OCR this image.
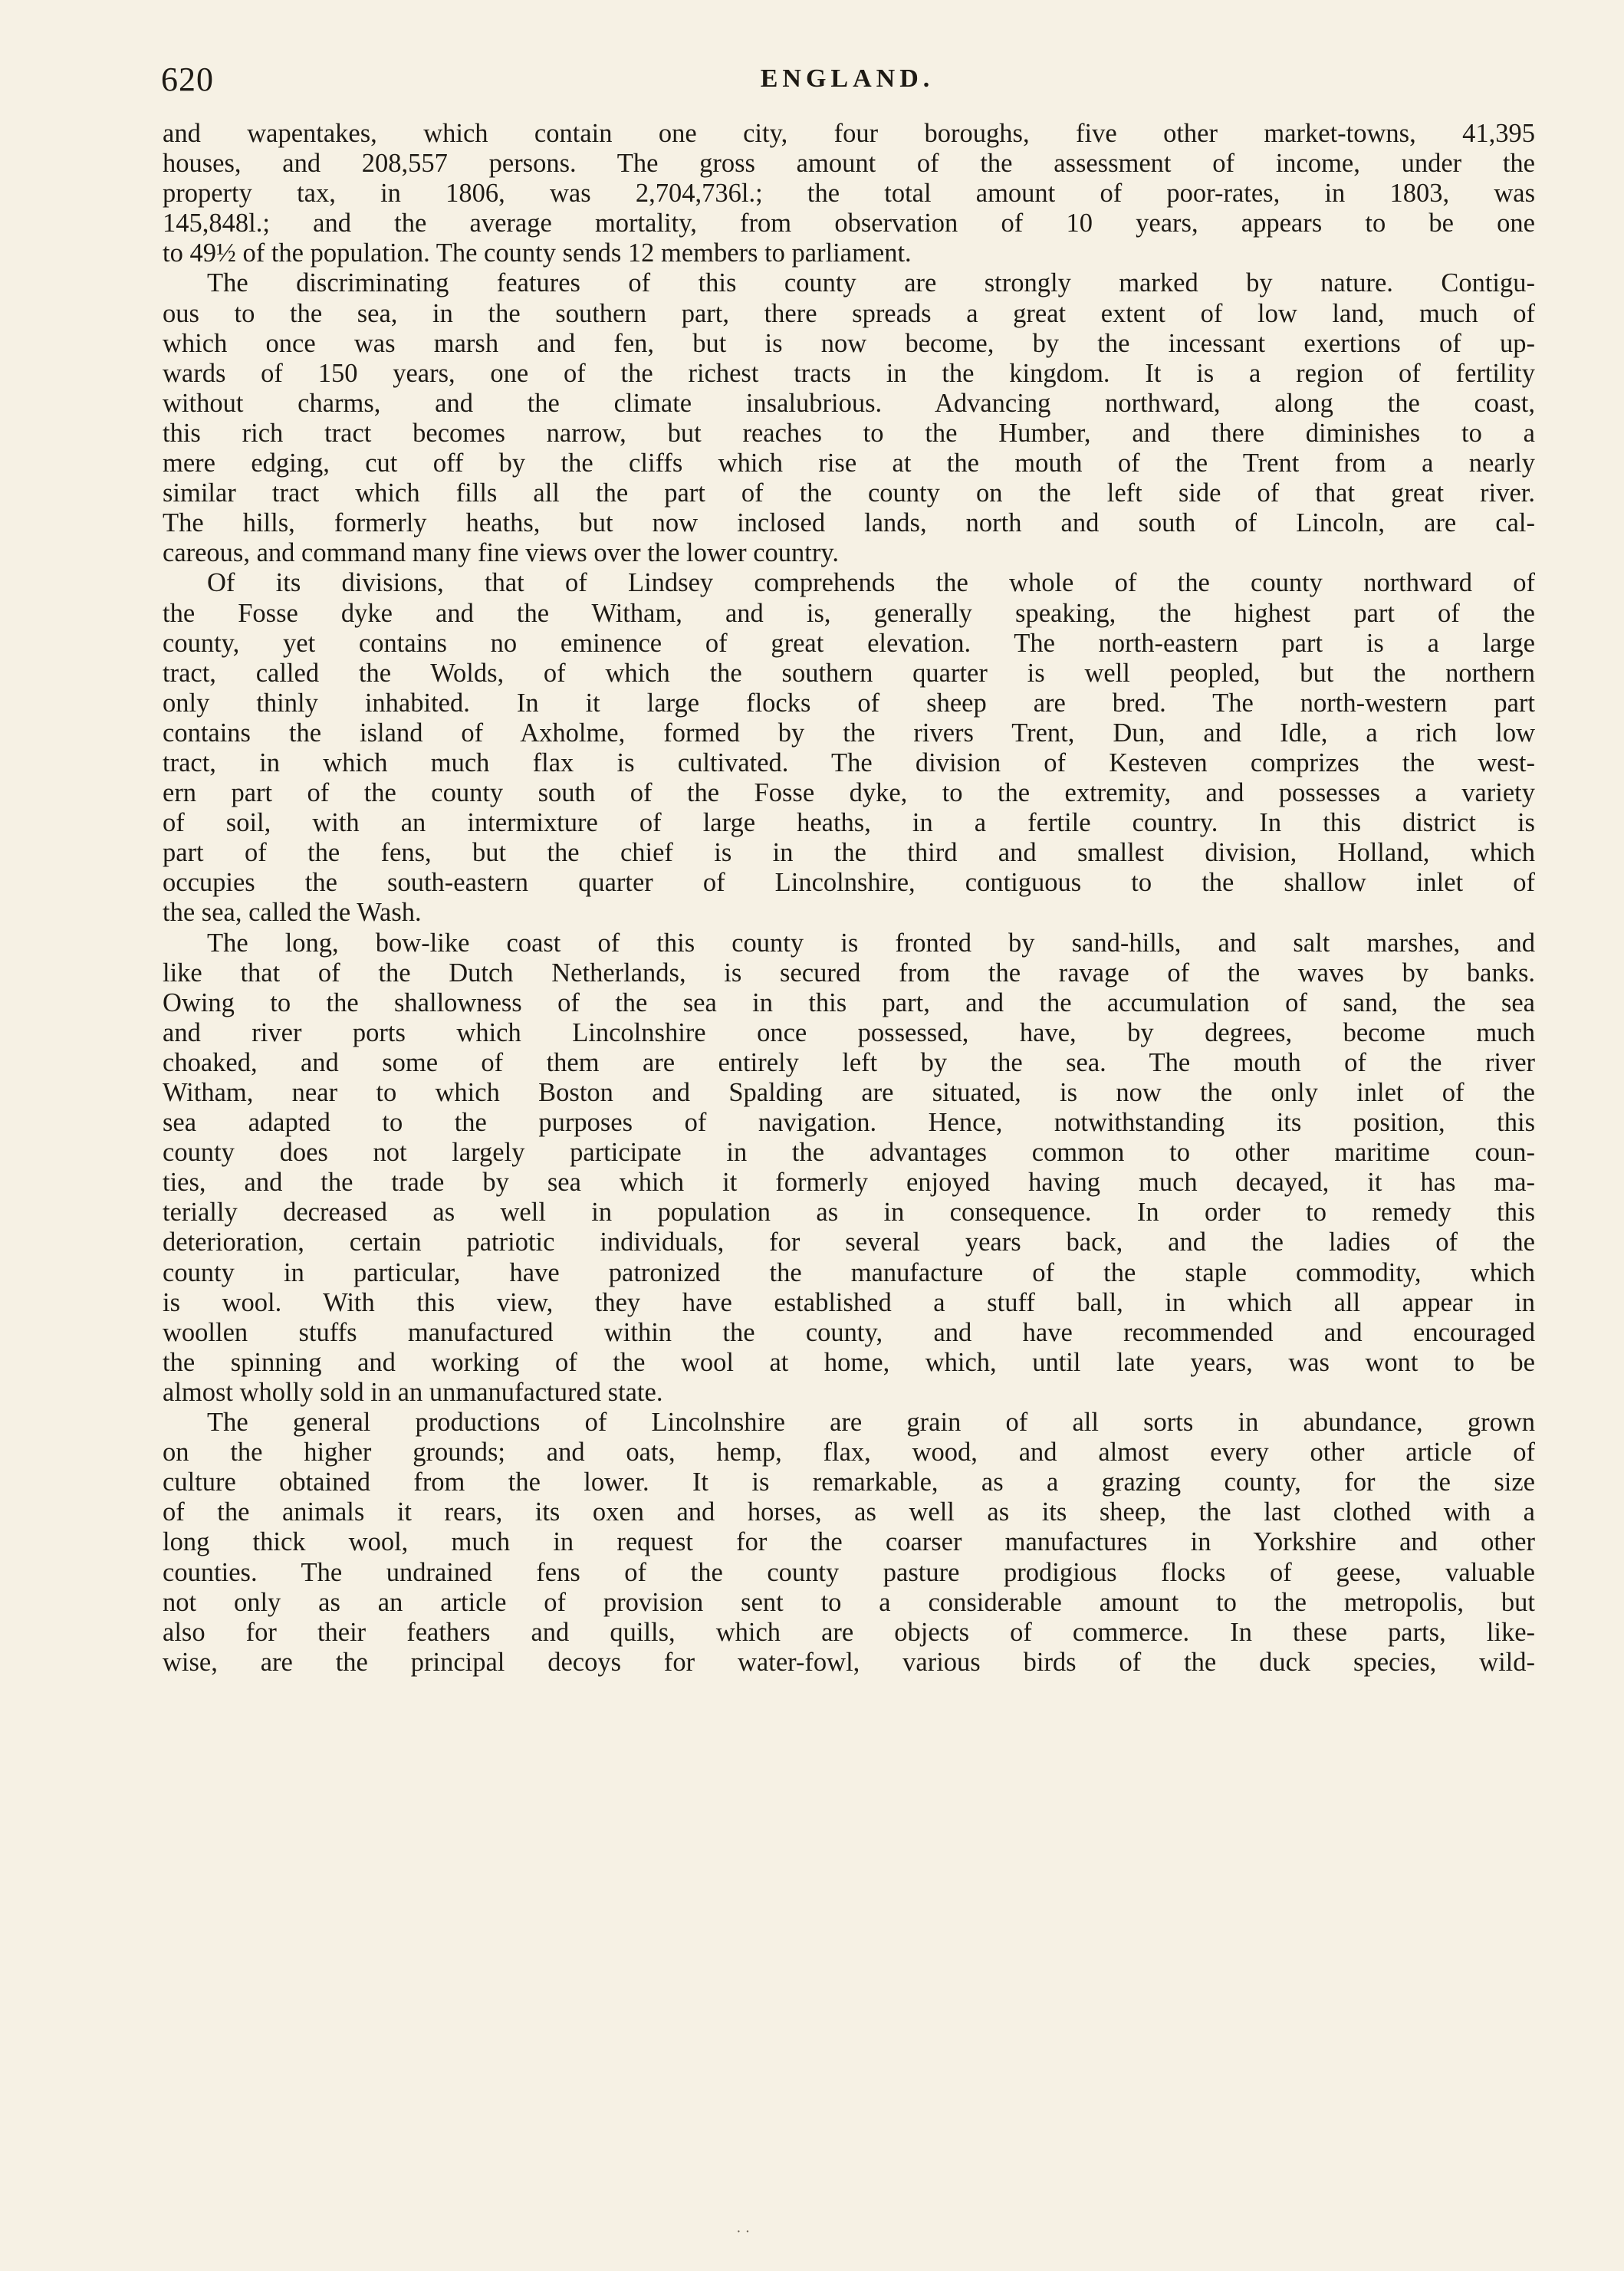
620	ENGLAND.
and wapentakes, which contain one city, four boroughs, five other market-towns, 41,395
houses, and 208,557 persons. The gross amount of the assessment of income, under the
property tax, in 1806, was 2,704,736l.; the total amount of poor-rates, in 1803, was
145,848l.; and the average mortality, from observation of 10 years, appears to be one
to 49½ of the population. The county sends 12 members to parliament.
The discriminating features of this county are strongly marked by nature. Contigu-
ous to the sea, in the southern part, there spreads a great extent of low land, much of
which once was marsh and fen, but is now become, by the incessant exertions of up-
wards of 150 years, one of the richest tracts in the kingdom. It is a region of fertility
without charms, and the climate insalubrious. Advancing northward, along the coast,
this rich tract becomes narrow, but reaches to the Humber, and there diminishes to a
mere edging, cut off by the cliffs which rise at the mouth of the Trent from a nearly
similar tract which fills all the part of the county on the left side of that great river.
The hills, formerly heaths, but now inclosed lands, north and south of Lincoln, are cal-
careous, and command many fine views over the lower country.
Of its divisions, that of Lindsey comprehends the whole of the county northward of
the Fosse dyke and the Witham, and is, generally speaking, the highest part of the
county, yet contains no eminence of great elevation. The north-eastern part is a large
tract, called the Wolds, of which the southern quarter is well peopled, but the northern
only thinly inhabited. In it large flocks of sheep are bred. The north-western part
contains the island of Axholme, formed by the rivers Trent, Dun, and Idle, a rich low
tract, in which much flax is cultivated. The division of Kesteven comprizes the west-
ern part of the county south of the Fosse dyke, to the extremity, and possesses a variety
of soil, with an intermixture of large heaths, in a fertile country. In this district is
part of the fens, but the chief is in the third and smallest division, Holland, which
occupies the south-eastern quarter of Lincolnshire, contiguous to the shallow inlet of
the sea, called the Wash.
The long, bow-like coast of this county is fronted by sand-hills, and salt marshes, and
like that of the Dutch Netherlands, is secured from the ravage of the waves by banks.
Owing to the shallowness of the sea in this part, and the accumulation of sand, the sea
and river ports which Lincolnshire once possessed, have, by degrees, become much
choaked, and some of them are entirely left by the sea. The mouth of the river
Witham, near to which Boston and Spalding are situated, is now the only inlet of the
sea adapted to the purposes of navigation. Hence, notwithstanding its position, this
county does not largely participate in the advantages common to other maritime coun-
ties, and the trade by sea which it formerly enjoyed having much decayed, it has ma-
terially decreased as well in population as in consequence. In order to remedy this
deterioration, certain patriotic individuals, for several years back, and the ladies of the
county in particular, have patronized the manufacture of the staple commodity, which
is wool. With this view, they have established a stuff ball, in which all appear in
woollen stuffs manufactured within the county, and have recommended and encouraged
the spinning and working of the wool at home, which, until late years, was wont to be
almost wholly sold in an unmanufactured state.
The general productions of Lincolnshire are grain of all sorts in abundance, grown
on the higher grounds; and oats, hemp, flax, wood, and almost every other article of
culture obtained from the lower. It is remarkable, as a grazing county, for the size
of the animals it rears, its oxen and horses, as well as its sheep, the last clothed with a
long thick wool, much in request for the coarser manufactures in Yorkshire and other
counties. The undrained fens of the county pasture prodigious flocks of geese, valuable
not only as an article of provision sent to a considerable amount to the metropolis, but
also for their feathers and quills, which are objects of commerce. In these parts, like-
wise, are the principal decoys for water-fowl, various birds of the duck species, wild-
· ·
